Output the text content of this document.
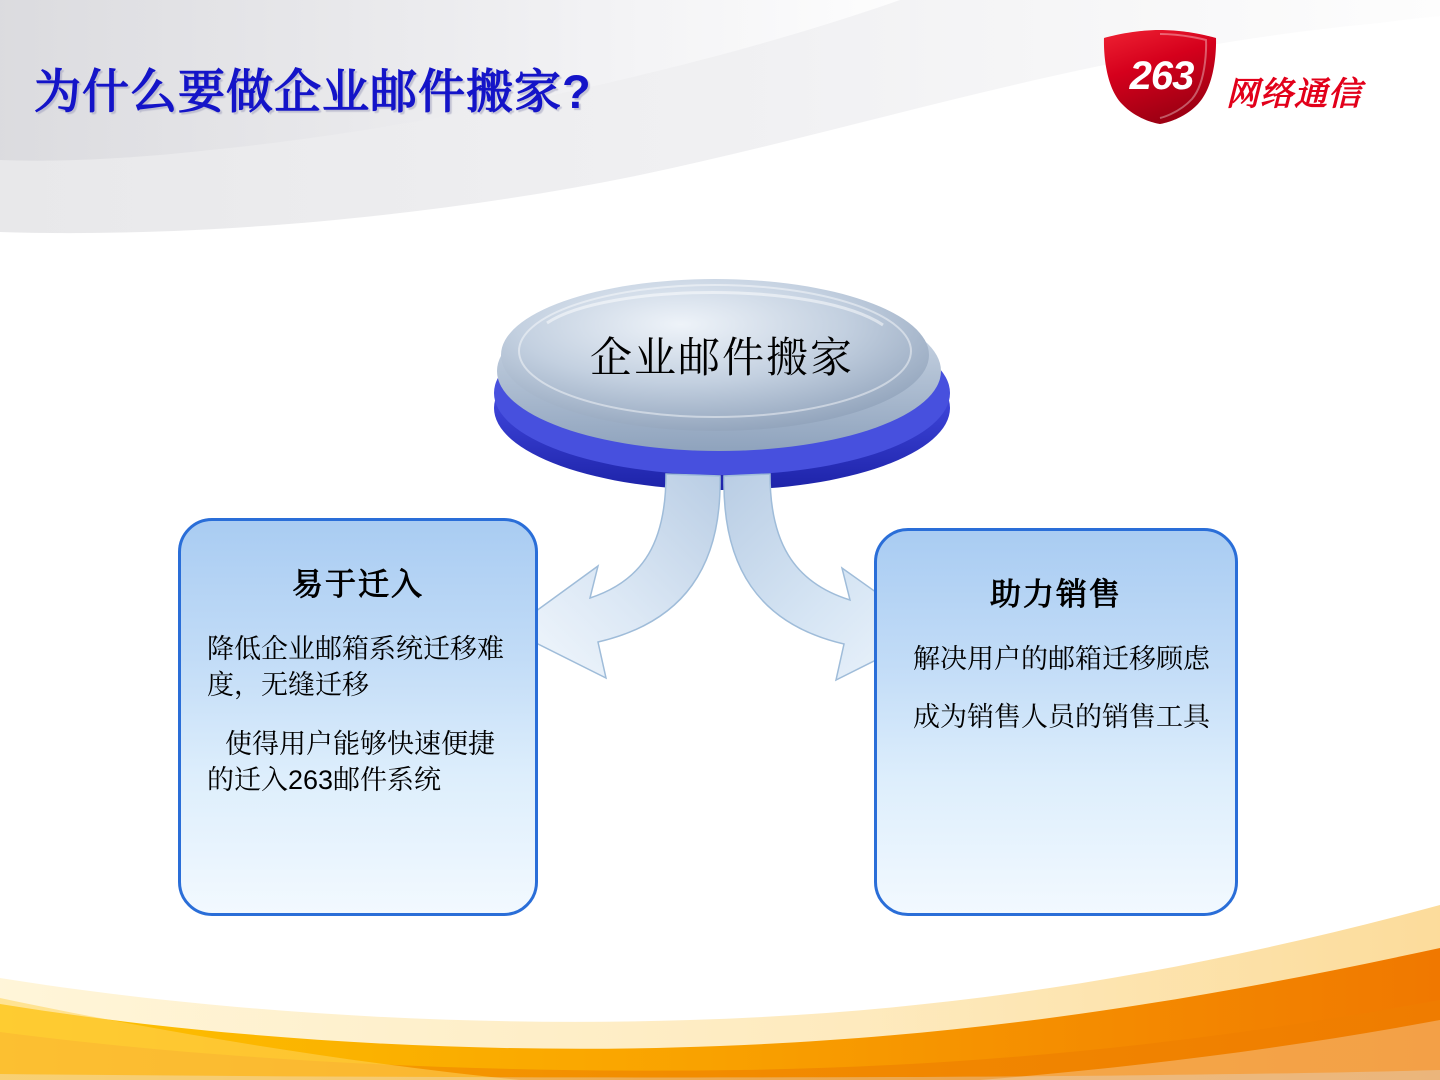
为什么要做企业邮件搬家?	263 网络通信
企业邮件搬家
易于迁入

降低企业邮箱系统迁移难度，无缝迁移

使得用户能够快速便捷的迁入263邮件系统

助力销售

解决用户的邮箱迁移顾虑

成为销售人员的销售工具
